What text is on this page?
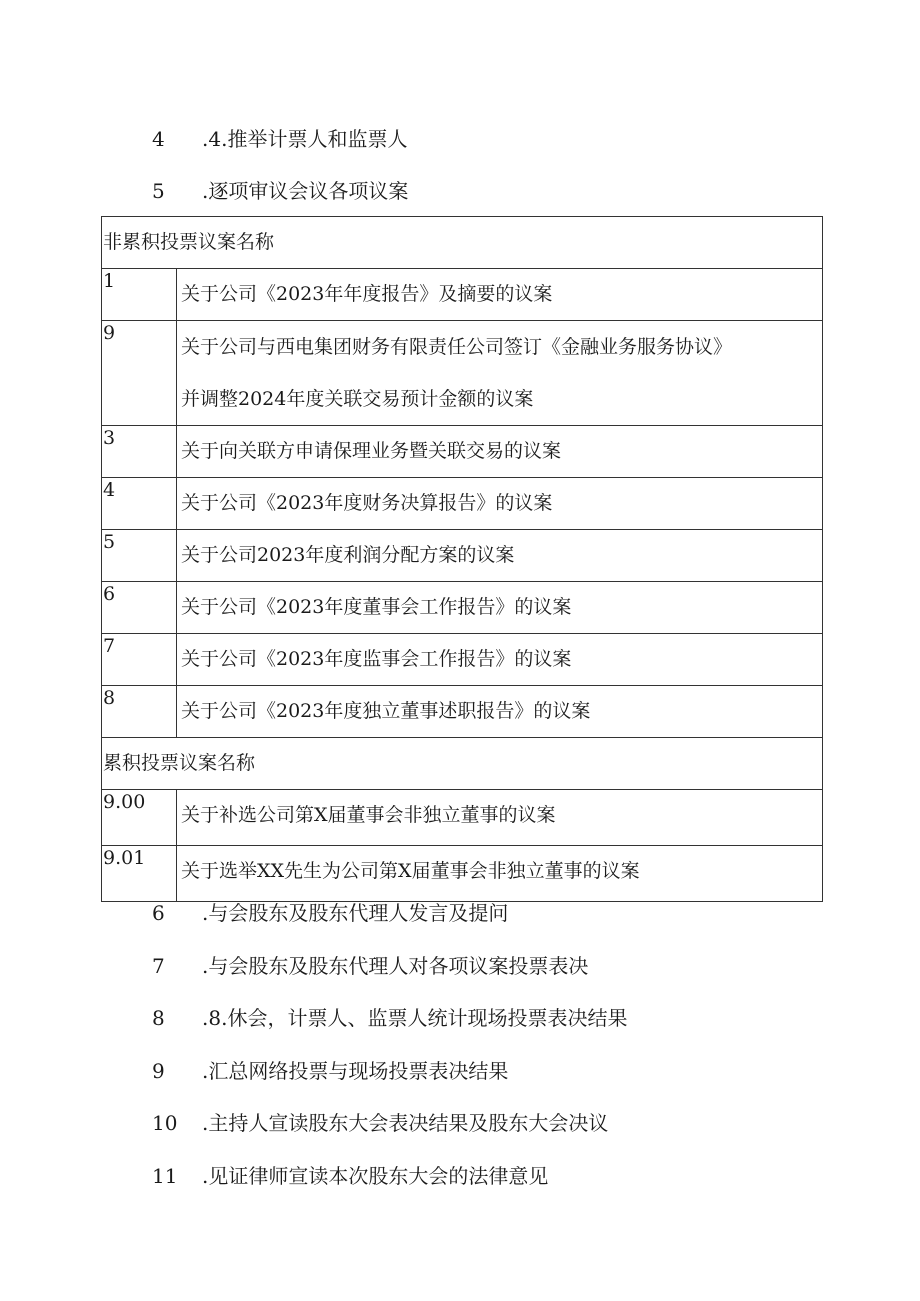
4 .4.推举计票人和监票人
5 .逐项审议会议各项议案
非累积投票议案名称	

1	关于公司《2023年年度报告》及摘要的议案

9	关于公司与西电集团财务有限责任公司签订《金融业务服务协议》
并调整2024年度关联交易预计金额的议案

3	关于向关联方申请保理业务暨关联交易的议案

4	关于公司《2023年度财务决算报告》的议案

5	关于公司2023年度利润分配方案的议案

6	关于公司《2023年度董事会工作报告》的议案

7	关于公司《2023年度监事会工作报告》的议案

8	关于公司《2023年度独立董事述职报告》的议案
累积投票议案名称	

9.00	关于补选公司第X届董事会非独立董事的议案

9.01	关于选举XX先生为公司第X届董事会非独立董事的议案
6 .与会股东及股东代理人发言及提问
7 .与会股东及股东代理人对各项议案投票表决
8 .8.休会，计票人、监票人统计现场投票表决结果
9 .汇总网络投票与现场投票表决结果
10 .主持人宣读股东大会表决结果及股东大会决议
11 .见证律师宣读本次股东大会的法律意见
